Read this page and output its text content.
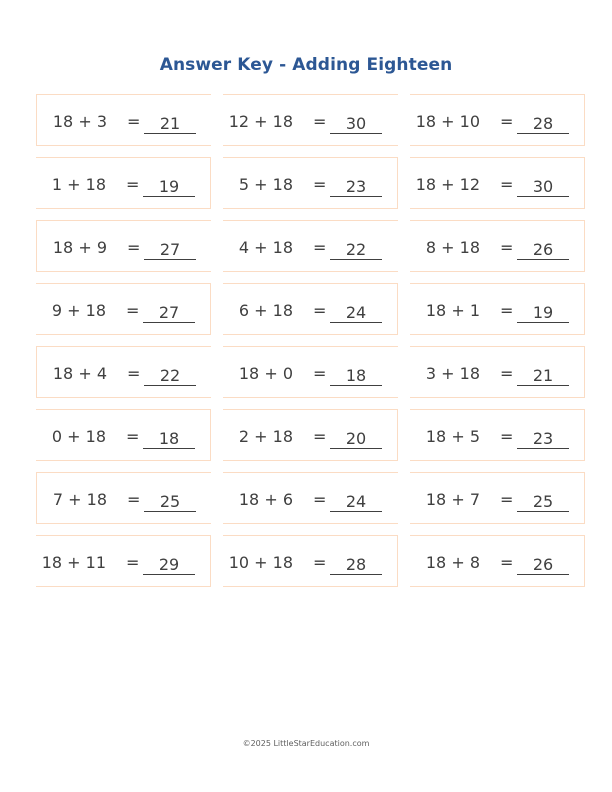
Answer Key - Adding Eighteen
18 + 3 =	21	12 + 18 =	30	18 + 10 =	28
1 + 18 =	19	5 + 18 =	23	18 + 12 =	30
18 + 9 =	27	4 + 18 =	22	8 + 18 =	26
9 + 18 =	27	6 + 18 =	24	18 + 1 =	19
18 + 4 =	22	18 + 0 =	18	3 + 18 =	21
0 + 18 =	18	2 + 18 =	20	18 + 5 =	23
7 + 18 =	25	18 + 6 =	24	18 + 7 =	25
18 + 11 =	29	10 + 18 =	28	18 + 8 =	26
©2025 LittleStarEducation.com
